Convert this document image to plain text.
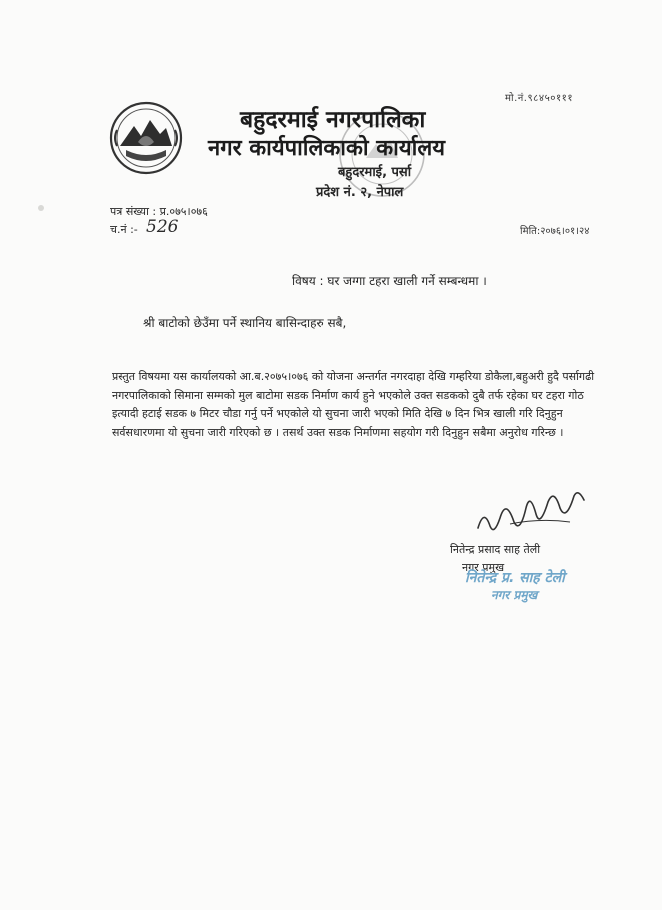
मो.नं.९८४५०१११
बहुदरमाई नगरपालिका
नगर कार्यपालिकाको कार्यालय
बहुदरमाई, पर्सा
प्रदेश नं. २, नेपाल
पत्र संख्या : प्र.०७५।०७६
च.नं :- 526	मिति:२०७६।०१।२४
विषय : घर जग्गा टहरा खाली गर्ने सम्बन्धमा ।
श्री बाटोको छेउँमा पर्ने स्थानिय बासिन्दाहरु सबै,

प्रस्तुत विषयमा यस कार्यालयको आ.ब.२०७५।०७६ को योजना अन्तर्गत नगरदाहा देखि गम्हरिया डोकैला,बहुअरी हुदै पर्सागढी नगरपालिकाको सिमाना सम्मको मुल बाटोमा सडक निर्माण कार्य हुने भएकोले उक्त सडकको दुबै तर्फ रहेका घर टहरा गोठ इत्यादी हटाई सडक ७ मिटर चौडा गर्नु पर्ने भएकोले यो सुचना जारी भएको मिति देखि ७ दिन भित्र खाली गरि दिनुहुन सर्वसधारणमा यो सुचना जारी गरिएको छ । तसर्थ उक्त सडक निर्माणमा सहयोग गरी दिनुहुन सबैमा अनुरोध गरिन्छ ।

नितेन्द्र प्रसाद साह तेली
नगर प्रमुख
नितेन्द्र प्र. साह टेली
नगर प्रमुख
